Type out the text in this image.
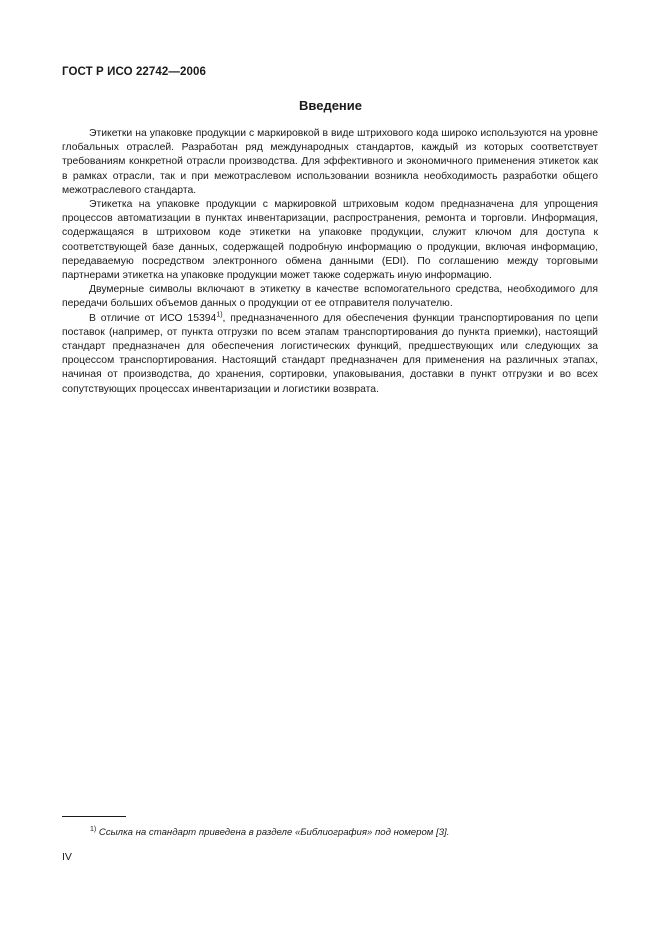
ГОСТ Р ИСО 22742—2006
Введение

Этикетки на упаковке продукции с маркировкой в виде штрихового кода широко используются на уровне глобальных отраслей. Разработан ряд международных стандартов, каждый из которых соответствует требованиям конкретной отрасли производства. Для эффективного и экономичного применения этикеток как в рамках отрасли, так и при межотраслевом использовании возникла необходимость разработки общего межотраслевого стандарта.

Этикетка на упаковке продукции с маркировкой штриховым кодом предназначена для упрощения процессов автоматизации в пунктах инвентаризации, распространения, ремонта и торговли. Информация, содержащаяся в штриховом коде этикетки на упаковке продукции, служит ключом для доступа к соответствующей базе данных, содержащей подробную информацию о продукции, включая информацию, передаваемую посредством электронного обмена данными (EDI). По соглашению между торговыми партнерами этикетка на упаковке продукции может также содержать иную информацию.

Двумерные символы включают в этикетку в качестве вспомогательного средства, необходимого для передачи больших объемов данных о продукции от ее отправителя получателю.

В отличие от ИСО 15394$^{1)}$, предназначенного для обеспечения функции транспортирования по цепи поставок (например, от пункта отгрузки по всем этапам транспортирования до пункта приемки), настоящий стандарт предназначен для обеспечения логистических функций, предшествующих или следующих за процессом транспортирования. Настоящий стандарт предназначен для применения на различных этапах, начиная от производства, до хранения, сортировки, упаковывания, доставки в пункт отгрузки и во всех сопутствующих процессах инвентаризации и логистики возврата.

$^{1)}$ Ссылка на стандарт приведена в разделе «Библиография» под номером [3].
IV
